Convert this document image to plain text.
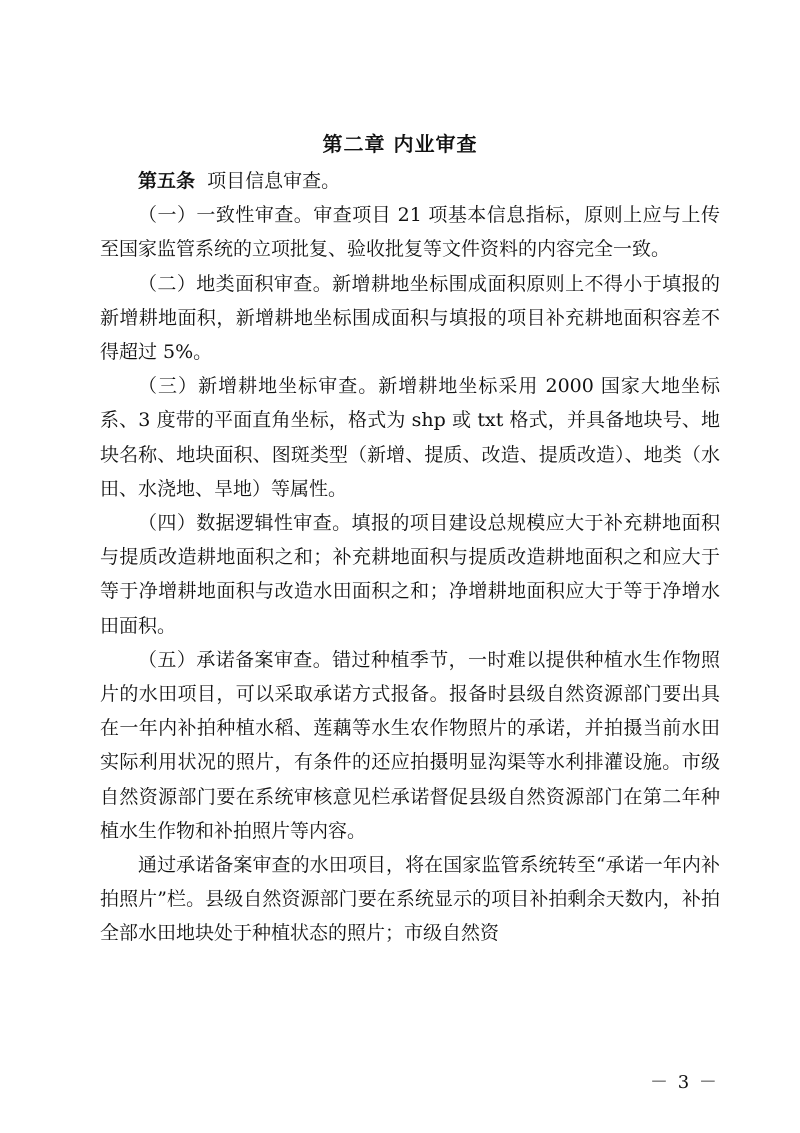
第二章 内业审查

第五条 项目信息审查。

（一）一致性审查。审查项目 21 项基本信息指标，原则上应与上传至国家监管系统的立项批复、验收批复等文件资料的内容完全一致。

（二）地类面积审查。新增耕地坐标围成面积原则上不得小于填报的新增耕地面积，新增耕地坐标围成面积与填报的项目补充耕地面积容差不得超过 5%。

（三）新增耕地坐标审查。新增耕地坐标采用 2000 国家大地坐标系、3 度带的平面直角坐标，格式为 shp 或 txt 格式，并具备地块号、地块名称、地块面积、图斑类型（新增、提质、改造、提质改造）、地类（水田、水浇地、旱地）等属性。

（四）数据逻辑性审查。填报的项目建设总规模应大于补充耕地面积与提质改造耕地面积之和；补充耕地面积与提质改造耕地面积之和应大于等于净增耕地面积与改造水田面积之和；净增耕地面积应大于等于净增水田面积。

（五）承诺备案审查。错过种植季节，一时难以提供种植水生作物照片的水田项目，可以采取承诺方式报备。报备时县级自然资源部门要出具在一年内补拍种植水稻、莲藕等水生农作物照片的承诺，并拍摄当前水田实际利用状况的照片，有条件的还应拍摄明显沟渠等水利排灌设施。市级自然资源部门要在系统审核意见栏承诺督促县级自然资源部门在第二年种植水生作物和补拍照片等内容。

通过承诺备案审查的水田项目，将在国家监管系统转至“承诺一年内补拍照片”栏。县级自然资源部门要在系统显示的项目补拍剩余天数内，补拍全部水田地块处于种植状态的照片；市级自然资

－ 3 －
